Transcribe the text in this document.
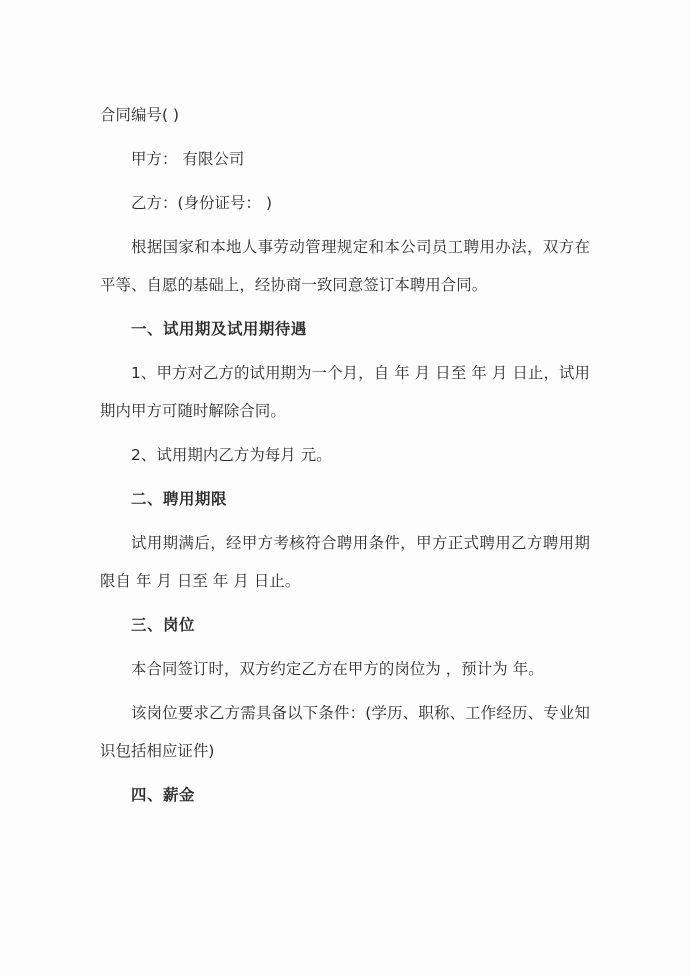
合同编号( )

甲方： 有限公司

乙方：(身份证号： )

根据国家和本地人事劳动管理规定和本公司员工聘用办法，双方在平等、自愿的基础上，经协商一致同意签订本聘用合同。

一、试用期及试用期待遇

1、甲方对乙方的试用期为一个月，自 年 月 日至 年 月 日止，试用期内甲方可随时解除合同。

2、试用期内乙方为每月 元。

二、聘用期限

试用期满后，经甲方考核符合聘用条件，甲方正式聘用乙方聘用期限自 年 月 日至 年 月 日止。

三、岗位

本合同签订时，双方约定乙方在甲方的岗位为 ，预计为 年。

该岗位要求乙方需具备以下条件：(学历、职称、工作经历、专业知识包括相应证件)

四、薪金
